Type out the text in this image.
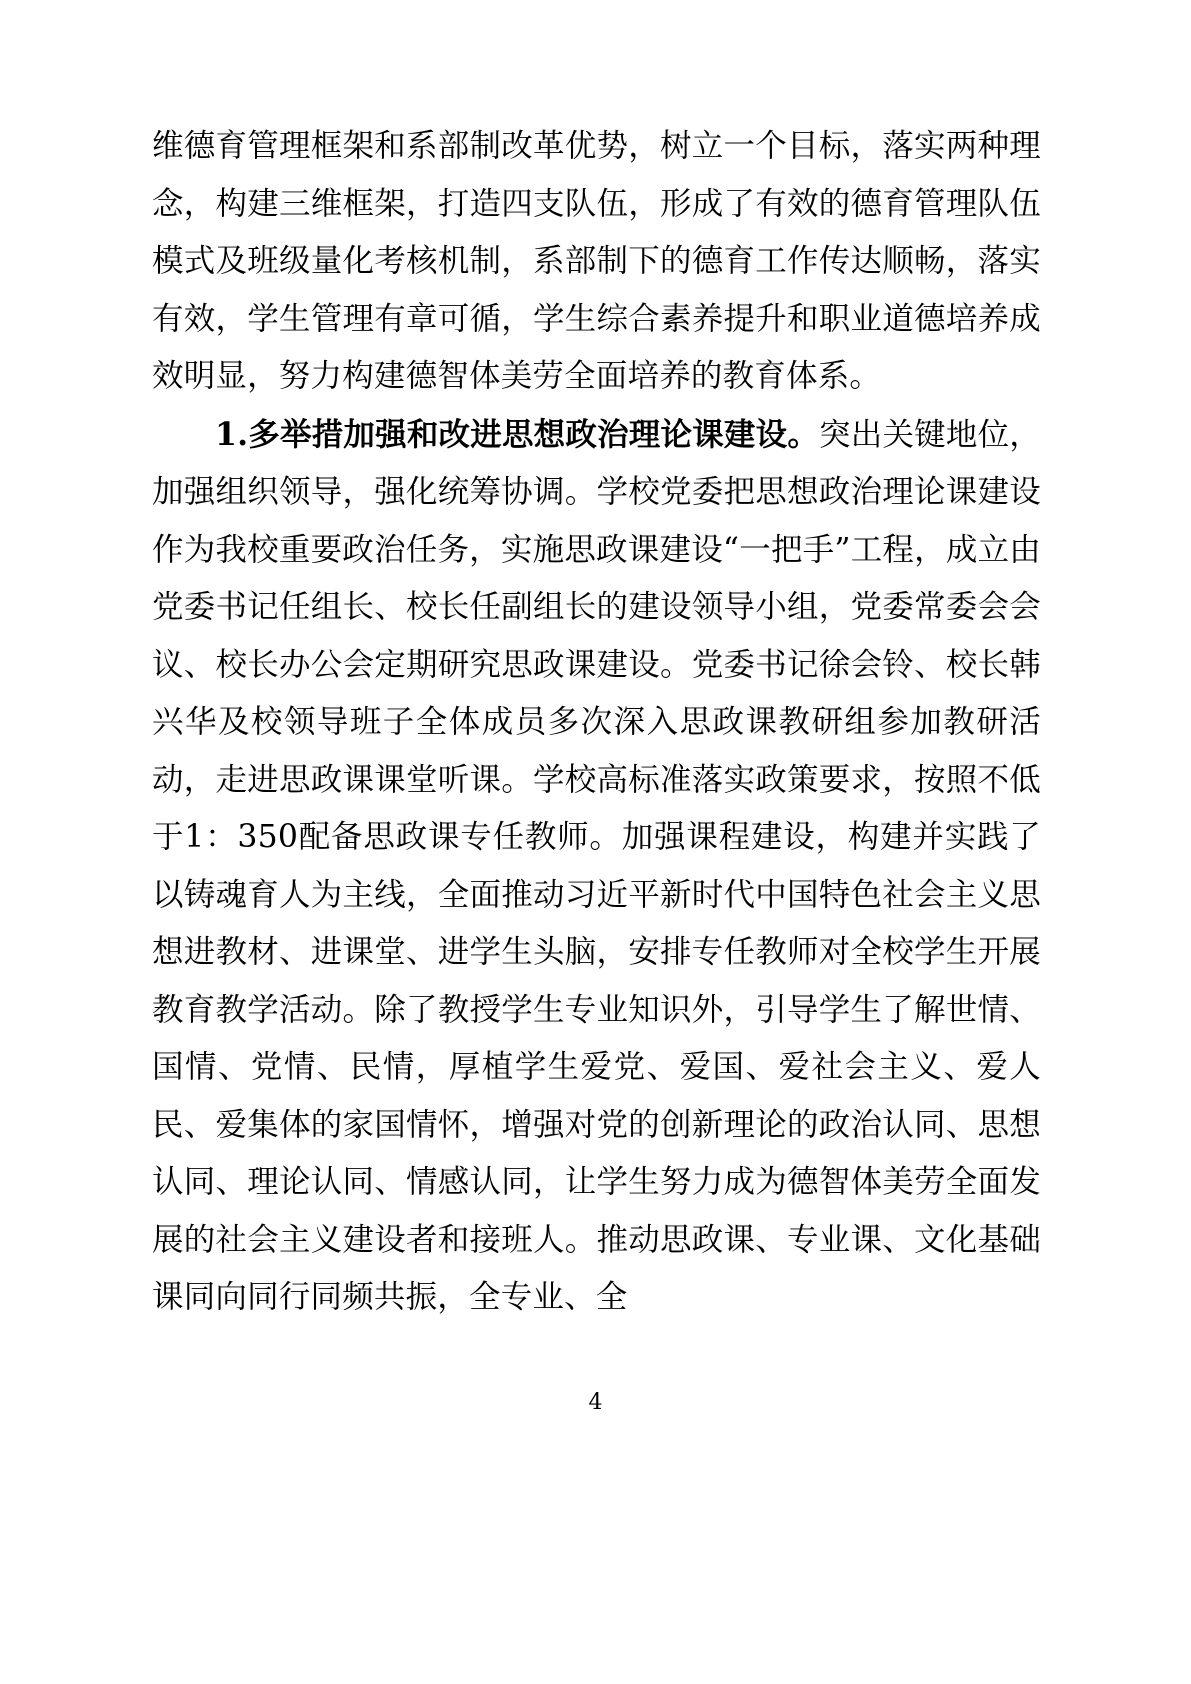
维德育管理框架和系部制改革优势，树立一个目标，落实两种理念，构建三维框架，打造四支队伍，形成了有效的德育管理队伍模式及班级量化考核机制，系部制下的德育工作传达顺畅，落实有效，学生管理有章可循，学生综合素养提升和职业道德培养成效明显，努力构建德智体美劳全面培养的教育体系。

1.多举措加强和改进思想政治理论课建设。突出关键地位，加强组织领导，强化统筹协调。学校党委把思想政治理论课建设作为我校重要政治任务，实施思政课建设“一把手”工程，成立由党委书记任组长、校长任副组长的建设领导小组，党委常委会会议、校长办公会定期研究思政课建设。党委书记徐会铃、校长韩兴华及校领导班子全体成员多次深入思政课教研组参加教研活动，走进思政课课堂听课。学校高标准落实政策要求，按照不低于1：350配备思政课专任教师。加强课程建设，构建并实践了以铸魂育人为主线，全面推动习近平新时代中国特色社会主义思想进教材、进课堂、进学生头脑，安排专任教师对全校学生开展教育教学活动。除了教授学生专业知识外，引导学生了解世情、国情、党情、民情，厚植学生爱党、爱国、爱社会主义、爱人民、爱集体的家国情怀，增强对党的创新理论的政治认同、思想认同、理论认同、情感认同，让学生努力成为德智体美劳全面发展的社会主义建设者和接班人。推动思政课、专业课、文化基础课同向同行同频共振，全专业、全

4
